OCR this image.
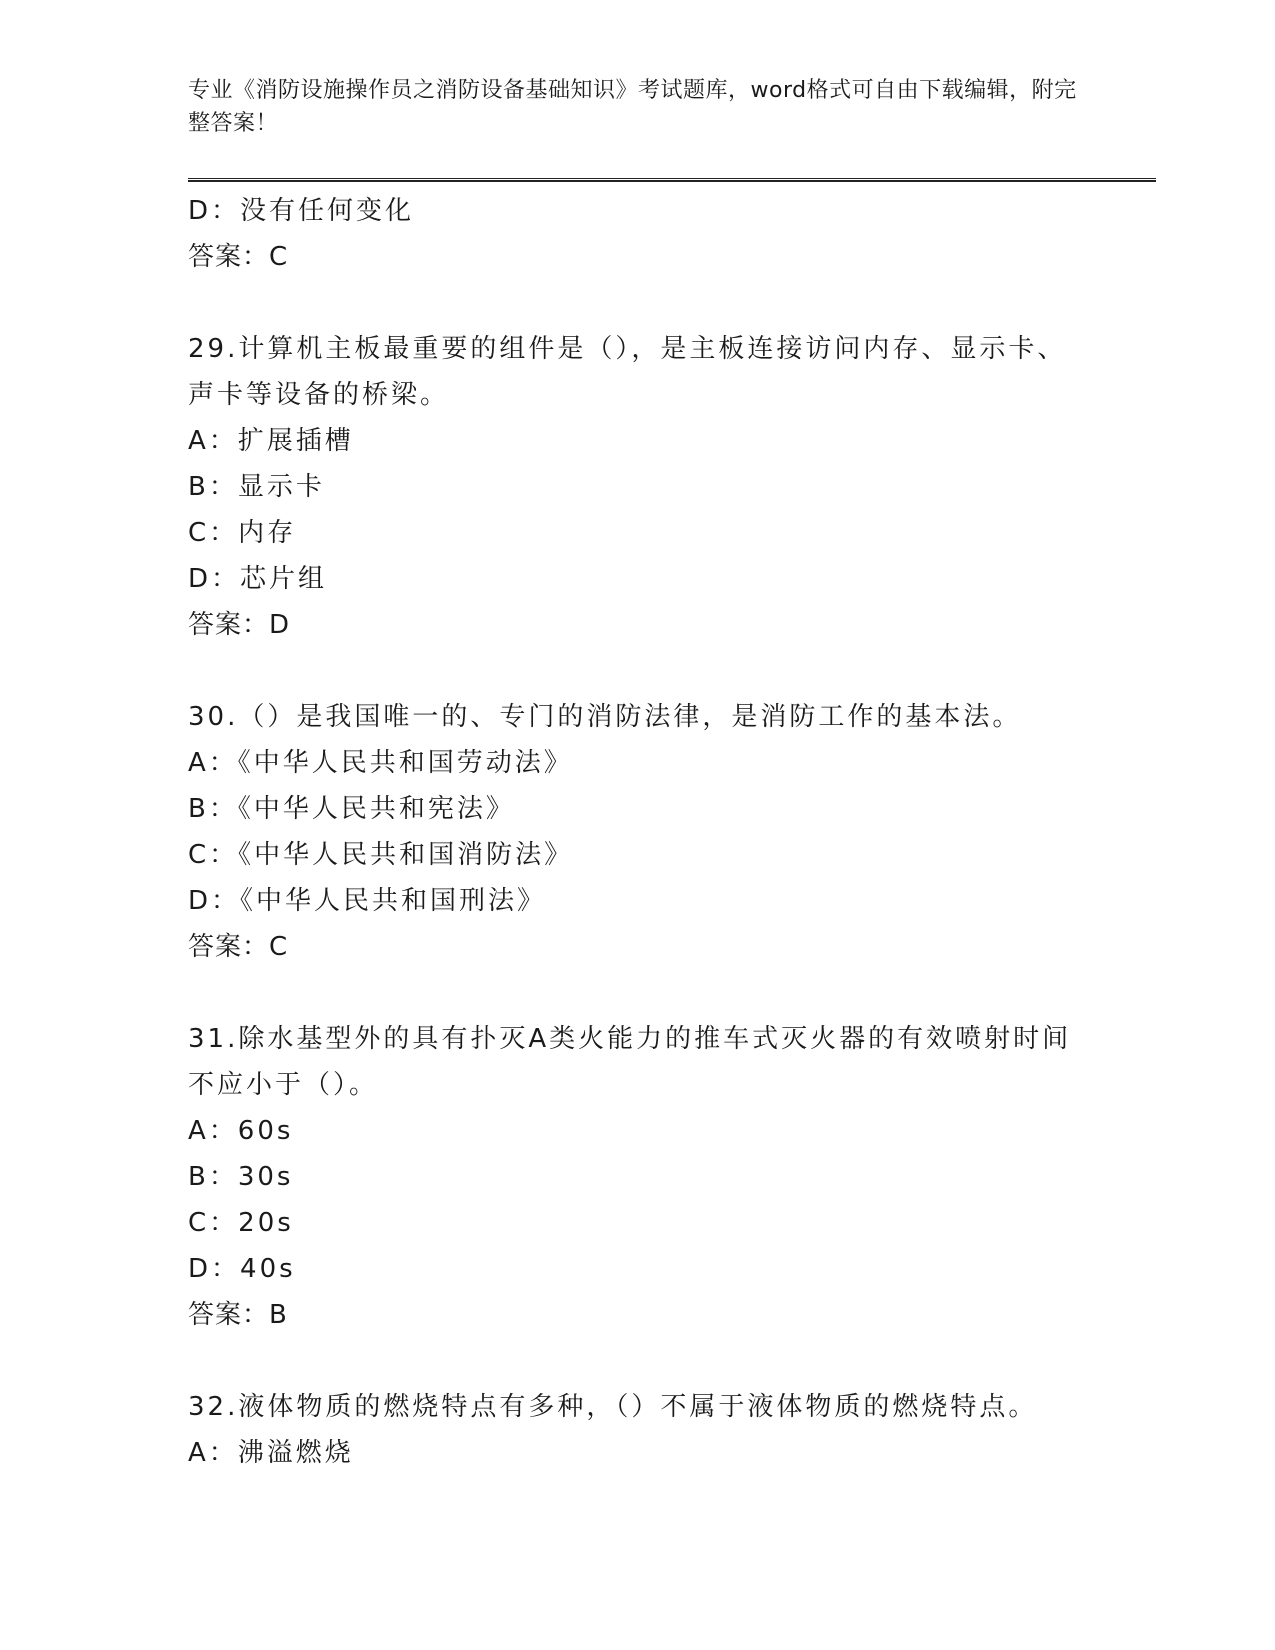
专业《消防设施操作员之消防设备基础知识》考试题库，word格式可自由下载编辑，附完整答案！

D：没有任何变化

答案：C

29.计算机主板最重要的组件是（），是主板连接访问内存、显示卡、声卡等设备的桥梁。

A：扩展插槽

B：显示卡

C：内存

D：芯片组

答案：D

30.（）是我国唯一的、专门的消防法律，是消防工作的基本法。

A：《中华人民共和国劳动法》

B：《中华人民共和宪法》

C：《中华人民共和国消防法》

D：《中华人民共和国刑法》

答案：C

31.除水基型外的具有扑灭A类火能力的推车式灭火器的有效喷射时间不应小于（）。

A：60s

B：30s

C：20s

D：40s

答案：B

32.液体物质的燃烧特点有多种，（）不属于液体物质的燃烧特点。

A：沸溢燃烧
